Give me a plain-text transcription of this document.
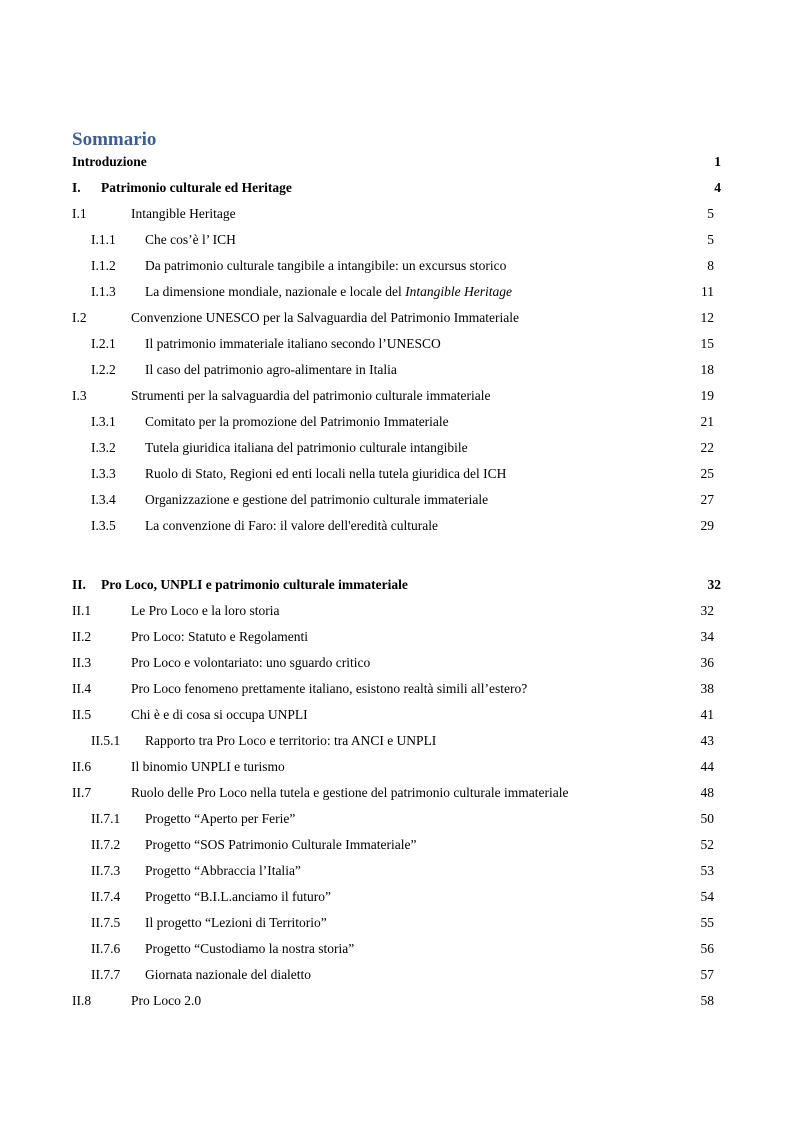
Sommario
Introduzione	1
I. Patrimonio culturale ed Heritage	4
I.1	Intangible Heritage	5
I.1.1 Che cos’è l’ ICH	5
I.1.2 Da patrimonio culturale tangibile a intangibile: un excursus storico	8
I.1.3 La dimensione mondiale, nazionale e locale del Intangible Heritage	11
I.2	Convenzione UNESCO per la Salvaguardia del Patrimonio Immateriale	12
I.2.1 Il patrimonio immateriale italiano secondo l’UNESCO	15
I.2.2 Il caso del patrimonio agro-alimentare in Italia	18
I.3	Strumenti per la salvaguardia del patrimonio culturale immateriale	19
I.3.1 Comitato per la promozione del Patrimonio Immateriale	21
I.3.2 Tutela giuridica italiana del patrimonio culturale intangibile	22
I.3.3 Ruolo di Stato, Regioni ed enti locali nella tutela giuridica del ICH	25
I.3.4 Organizzazione e gestione del patrimonio culturale immateriale	27
I.3.5 La convenzione di Faro: il valore dell'eredità culturale	29
II. Pro Loco, UNPLI e patrimonio culturale immateriale	32
II.1	Le Pro Loco e la loro storia	32
II.2	Pro Loco: Statuto e Regolamenti	34
II.3	Pro Loco e volontariato: uno sguardo critico	36
II.4	Pro Loco fenomeno prettamente italiano, esistono realtà simili all’estero?	38
II.5	Chi è e di cosa si occupa UNPLI	41
II.5.1 Rapporto tra Pro Loco e territorio: tra ANCI e UNPLI	43
II.6	Il binomio UNPLI e turismo	44
II.7	Ruolo delle Pro Loco nella tutela e gestione del patrimonio culturale immateriale	48
II.7.1 Progetto “Aperto per Ferie”	50
II.7.2 Progetto “SOS Patrimonio Culturale Immateriale”	52
II.7.3 Progetto “Abbraccia l’Italia”	53
II.7.4 Progetto “B.I.L.anciamo il futuro”	54
II.7.5 Il progetto “Lezioni di Territorio”	55
II.7.6 Progetto “Custodiamo la nostra storia”	56
II.7.7 Giornata nazionale del dialetto	57
II.8	Pro Loco 2.0	58
